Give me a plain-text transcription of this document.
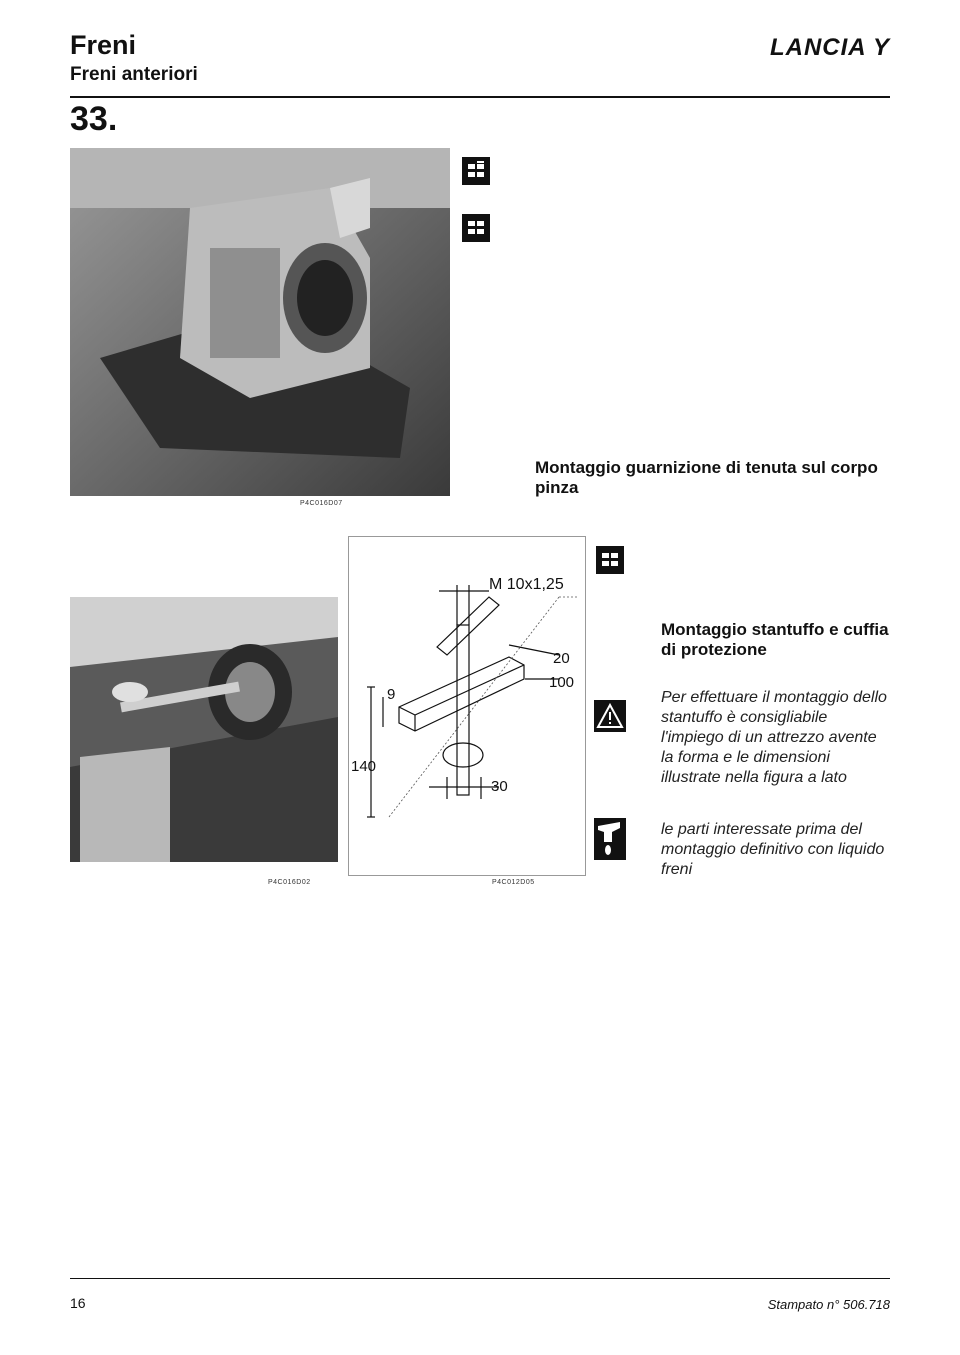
Freni
Freni anteriori
LANCIA Y
33.
P4C016D07
Montaggio guarnizione di tenuta sul corpo pinza
P4C016D02
M 10x1,25
20
100
9
140
30
P4C012D05
Montaggio stantuffo e cuffia di protezione
Per effettuare il montaggio dello stantuffo è consigliabile l'impiego di un attrezzo avente la forma e le dimensioni illustrate nella figura a lato
le parti interessate prima del montaggio definitivo con liquido freni
16	Stampato n° 506.718
